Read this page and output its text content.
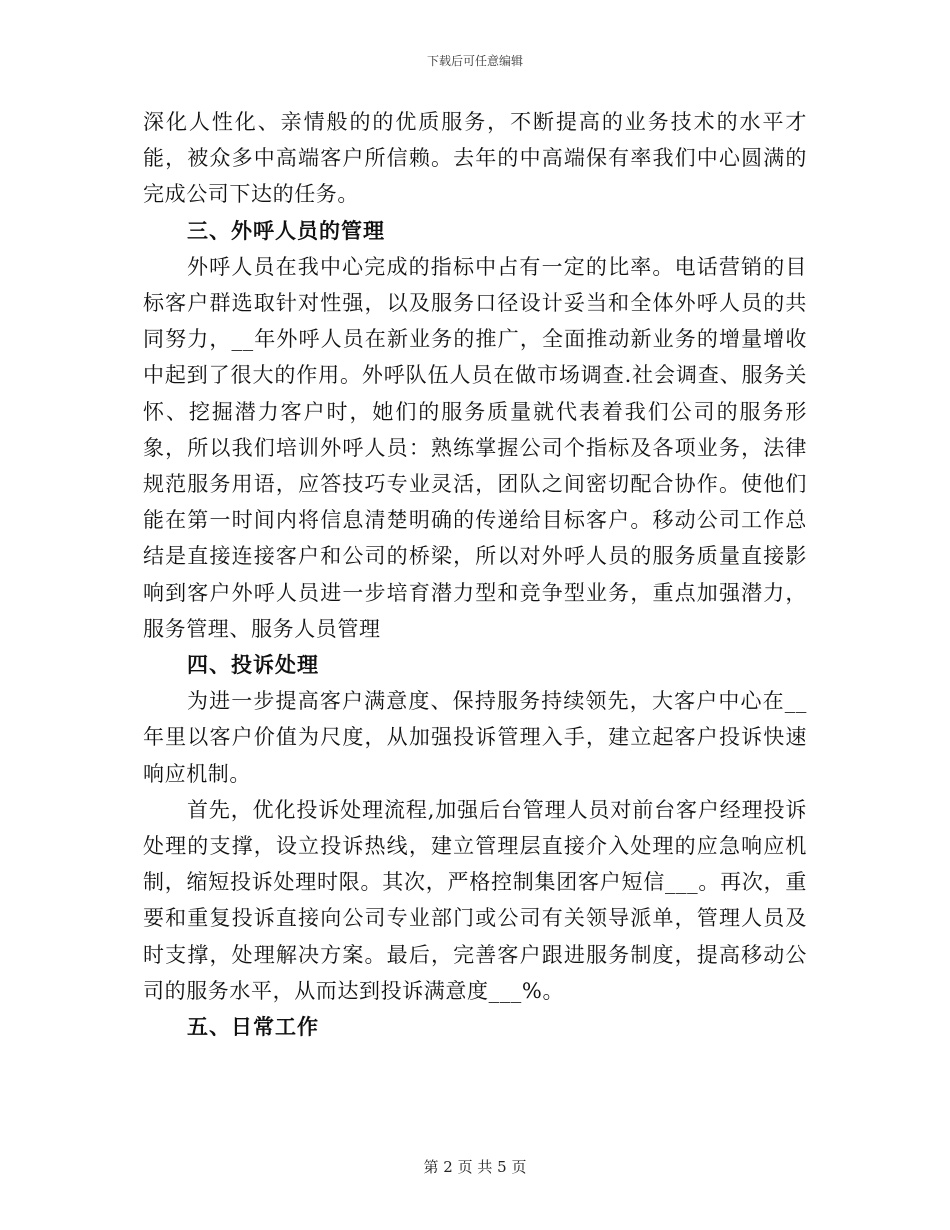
下载后可任意编辑

深化人性化、亲情般的的优质服务，不断提高的业务技术的水平才能，被众多中高端客户所信赖。去年的中高端保有率我们中心圆满的完成公司下达的任务。

三、外呼人员的管理

外呼人员在我中心完成的指标中占有一定的比率。电话营销的目标客户群选取针对性强，以及服务口径设计妥当和全体外呼人员的共同努力，__年外呼人员在新业务的推广，全面推动新业务的增量增收中起到了很大的作用。外呼队伍人员在做市场调查.社会调查、服务关怀、挖掘潜力客户时，她们的服务质量就代表着我们公司的服务形象，所以我们培训外呼人员：熟练掌握公司个指标及各项业务，法律规范服务用语，应答技巧专业灵活，团队之间密切配合协作。使他们能在第一时间内将信息清楚明确的传递给目标客户。移动公司工作总结是直接连接客户和公司的桥梁，所以对外呼人员的服务质量直接影响到客户外呼人员进一步培育潜力型和竞争型业务，重点加强潜力，服务管理、服务人员管理

四、投诉处理

为进一步提高客户满意度、保持服务持续领先，大客户中心在__年里以客户价值为尺度，从加强投诉管理入手，建立起客户投诉快速响应机制。

首先，优化投诉处理流程,加强后台管理人员对前台客户经理投诉处理的支撑，设立投诉热线，建立管理层直接介入处理的应急响应机制，缩短投诉处理时限。其次，严格控制集团客户短信___。再次，重要和重复投诉直接向公司专业部门或公司有关领导派单，管理人员及时支撑，处理解决方案。最后，完善客户跟进服务制度，提高移动公司的服务水平，从而达到投诉满意度___%。

五、日常工作

第 2 页 共 5 页
